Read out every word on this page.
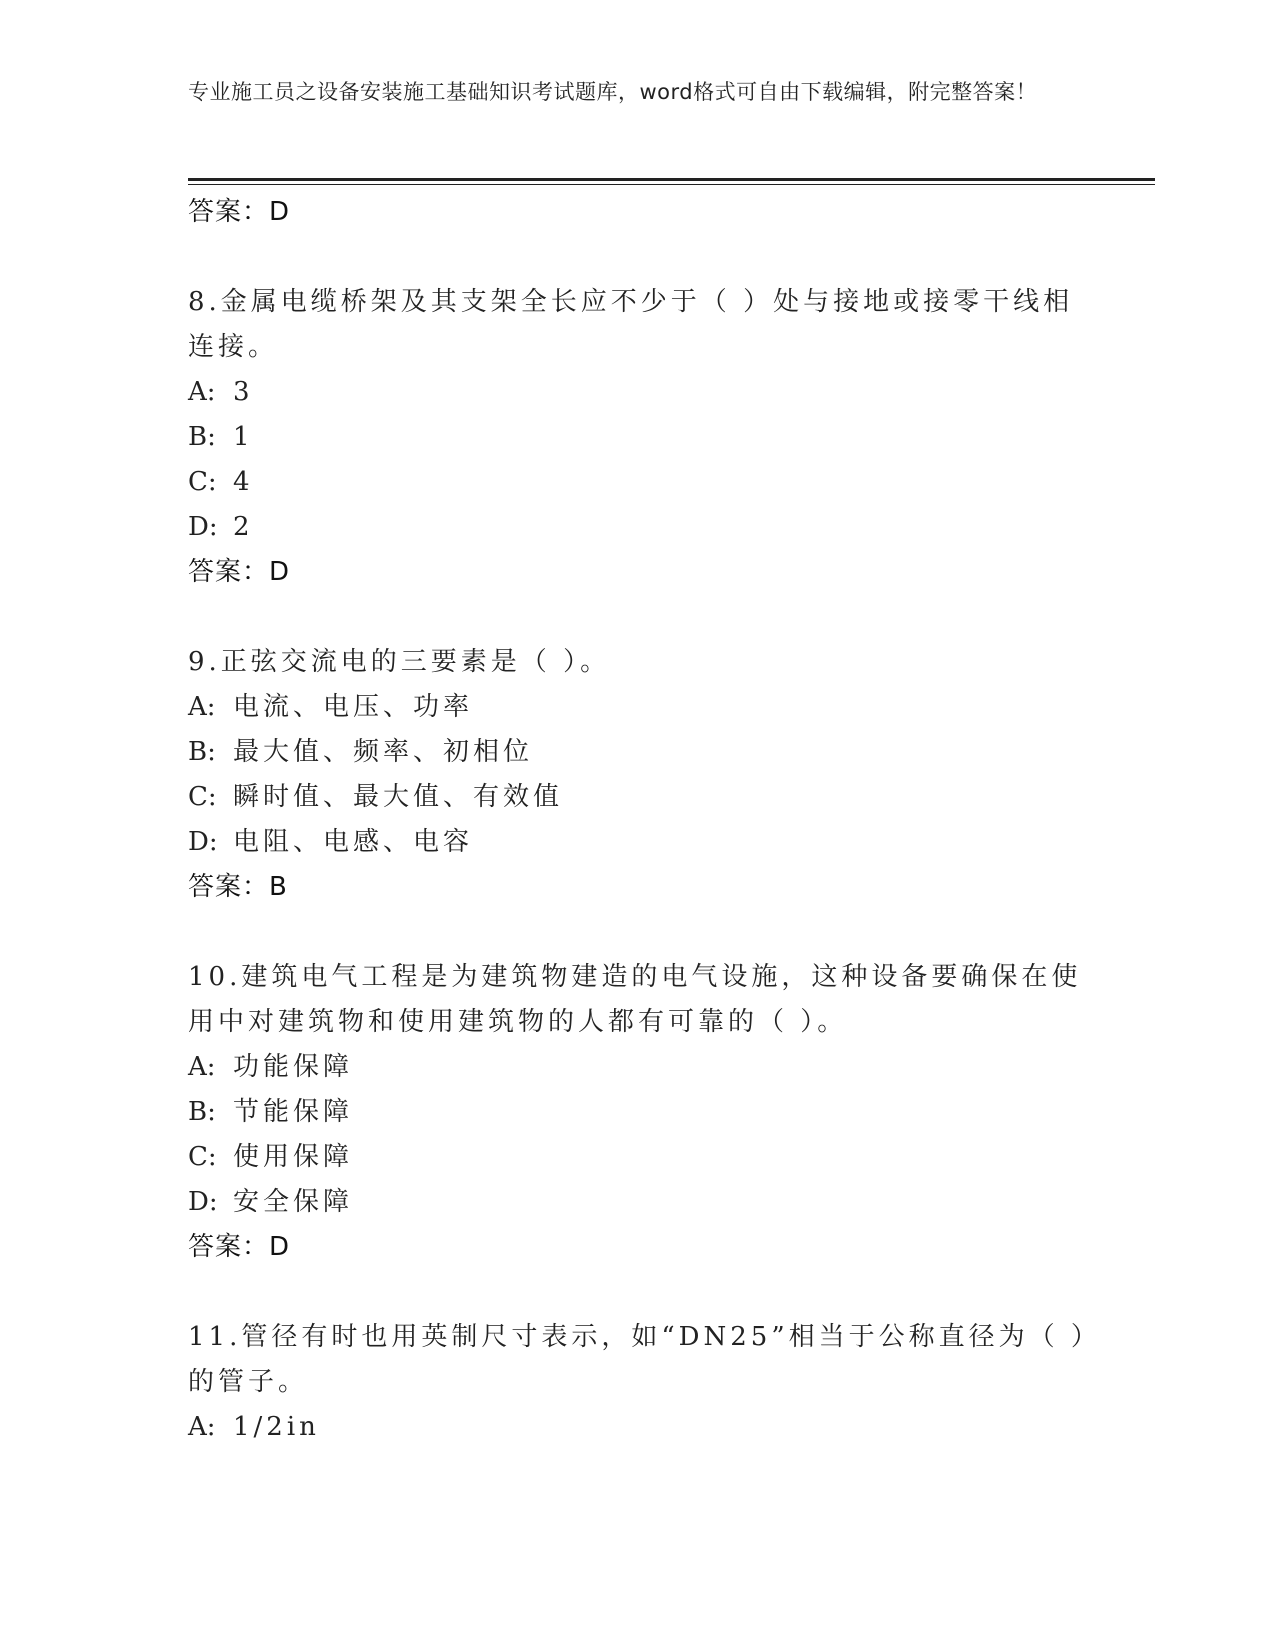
专业施工员之设备安装施工基础知识考试题库，word格式可自由下载编辑，附完整答案！
答案：D
8.金属电缆桥架及其支架全长应不少于（ ）处与接地或接零干线相连接。
A: 3
B: 1
C: 4
D: 2
答案：D
9.正弦交流电的三要素是（ ）。
A: 电流、电压、功率
B: 最大值、频率、初相位
C: 瞬时值、最大值、有效值
D: 电阻、电感、电容
答案：B
10.建筑电气工程是为建筑物建造的电气设施，这种设备要确保在使用中对建筑物和使用建筑物的人都有可靠的（ ）。
A: 功能保障
B: 节能保障
C: 使用保障
D: 安全保障
答案：D
11.管径有时也用英制尺寸表示，如“DN25”相当于公称直径为（ ）的管子。
A: 1/2in
